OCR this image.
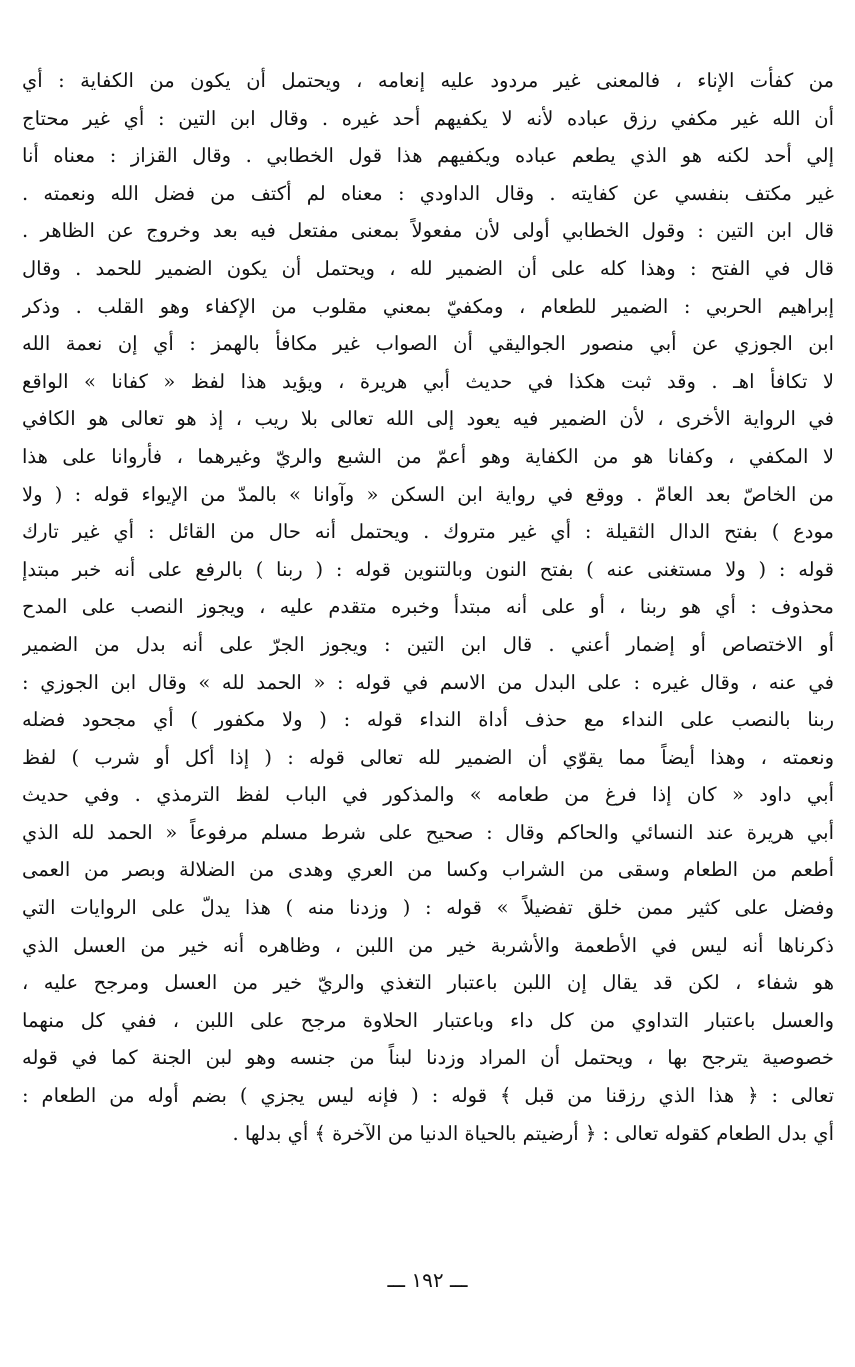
من كفأت الإناء ، فالمعنى غير مردود عليه إنعامه ، ويحتمل أن يكون من الكفاية : أي
أن الله غير مكفي رزق عباده لأنه لا يكفيهم أحد غيره . وقال ابن التين : أي غير محتاج
إلي أحد لكنه هو الذي يطعم عباده ويكفيهم هذا قول الخطابي . وقال القزاز : معناه أنا
غير مكتف بنفسي عن كفايته . وقال الداودي : معناه لم أكتف من فضل الله ونعمته .
قال ابن التين : وقول الخطابي أولى لأن مفعولاً بمعنى مفتعل فيه بعد وخروج عن الظاهر .
قال في الفتح : وهذا كله على أن الضمير لله ، ويحتمل أن يكون الضمير للحمد . وقال
إبراهيم الحربي : الضمير للطعام ، ومكفيّ بمعني مقلوب من الإكفاء وهو القلب . وذكر
ابن الجوزي عن أبي منصور الجواليقي أن الصواب غير مكافأ بالهمز : أي إن نعمة الله
لا تكافأ اهـ . وقد ثبت هكذا في حديث أبي هريرة ، ويؤيد هذا لفظ « كفانا » الواقع
في الرواية الأخرى ، لأن الضمير فيه يعود إلى الله تعالى بلا ريب ، إذ هو تعالى هو الكافي
لا المكفي ، وكفانا هو من الكفاية وهو أعمّ من الشبع والريّ وغيرهما ، فأروانا على هذا
من الخاصّ بعد العامّ . ووقع في رواية ابن السكن « وآوانا » بالمدّ من الإيواء قوله : ( ولا
مودع ) بفتح الدال الثقيلة : أي غير متروك . ويحتمل أنه حال من القائل : أي غير تارك
قوله : ( ولا مستغنى عنه ) بفتح النون وبالتنوين قوله : ( ربنا ) بالرفع على أنه خبر مبتدإ
محذوف : أي هو ربنا ، أو على أنه مبتدأ وخبره متقدم عليه ، ويجوز النصب على المدح
أو الاختصاص أو إضمار أعني . قال ابن التين : ويجوز الجرّ على أنه بدل من الضمير
في عنه ، وقال غيره : على البدل من الاسم في قوله : « الحمد لله » وقال ابن الجوزي :
ربنا بالنصب على النداء مع حذف أداة النداء قوله : ( ولا مكفور ) أي مجحود فضله
ونعمته ، وهذا أيضاً مما يقوّي أن الضمير لله تعالى قوله : ( إذا أكل أو شرب ) لفظ
أبي داود « كان إذا فرغ من طعامه » والمذكور في الباب لفظ الترمذي . وفي حديث
أبي هريرة عند النسائي والحاكم وقال : صحيح على شرط مسلم مرفوعاً « الحمد لله الذي
أطعم من الطعام وسقى من الشراب وكسا من العري وهدى من الضلالة وبصر من العمى
وفضل على كثير ممن خلق تفضيلاً » قوله : ( وزدنا منه ) هذا يدلّ على الروايات التي
ذكرناها أنه ليس في الأطعمة والأشربة خير من اللبن ، وظاهره أنه خير من العسل الذي
هو شفاء ، لكن قد يقال إن اللبن باعتبار التغذي والريّ خير من العسل ومرجح عليه ،
والعسل باعتبار التداوي من كل داء وباعتبار الحلاوة مرجح على اللبن ، ففي كل منهما
خصوصية يترجح بها ، ويحتمل أن المراد وزدنا لبناً من جنسه وهو لبن الجنة كما في قوله
تعالى : ﴿ هذا الذي رزقنا من قبل ﴾ قوله : ( فإنه ليس يجزي ) بضم أوله من الطعام :
أي بدل الطعام كقوله تعالى : ﴿ أرضيتم بالحياة الدنيا من الآخرة ﴾ أي بدلها .
ـــ ١٩٢ ـــ
